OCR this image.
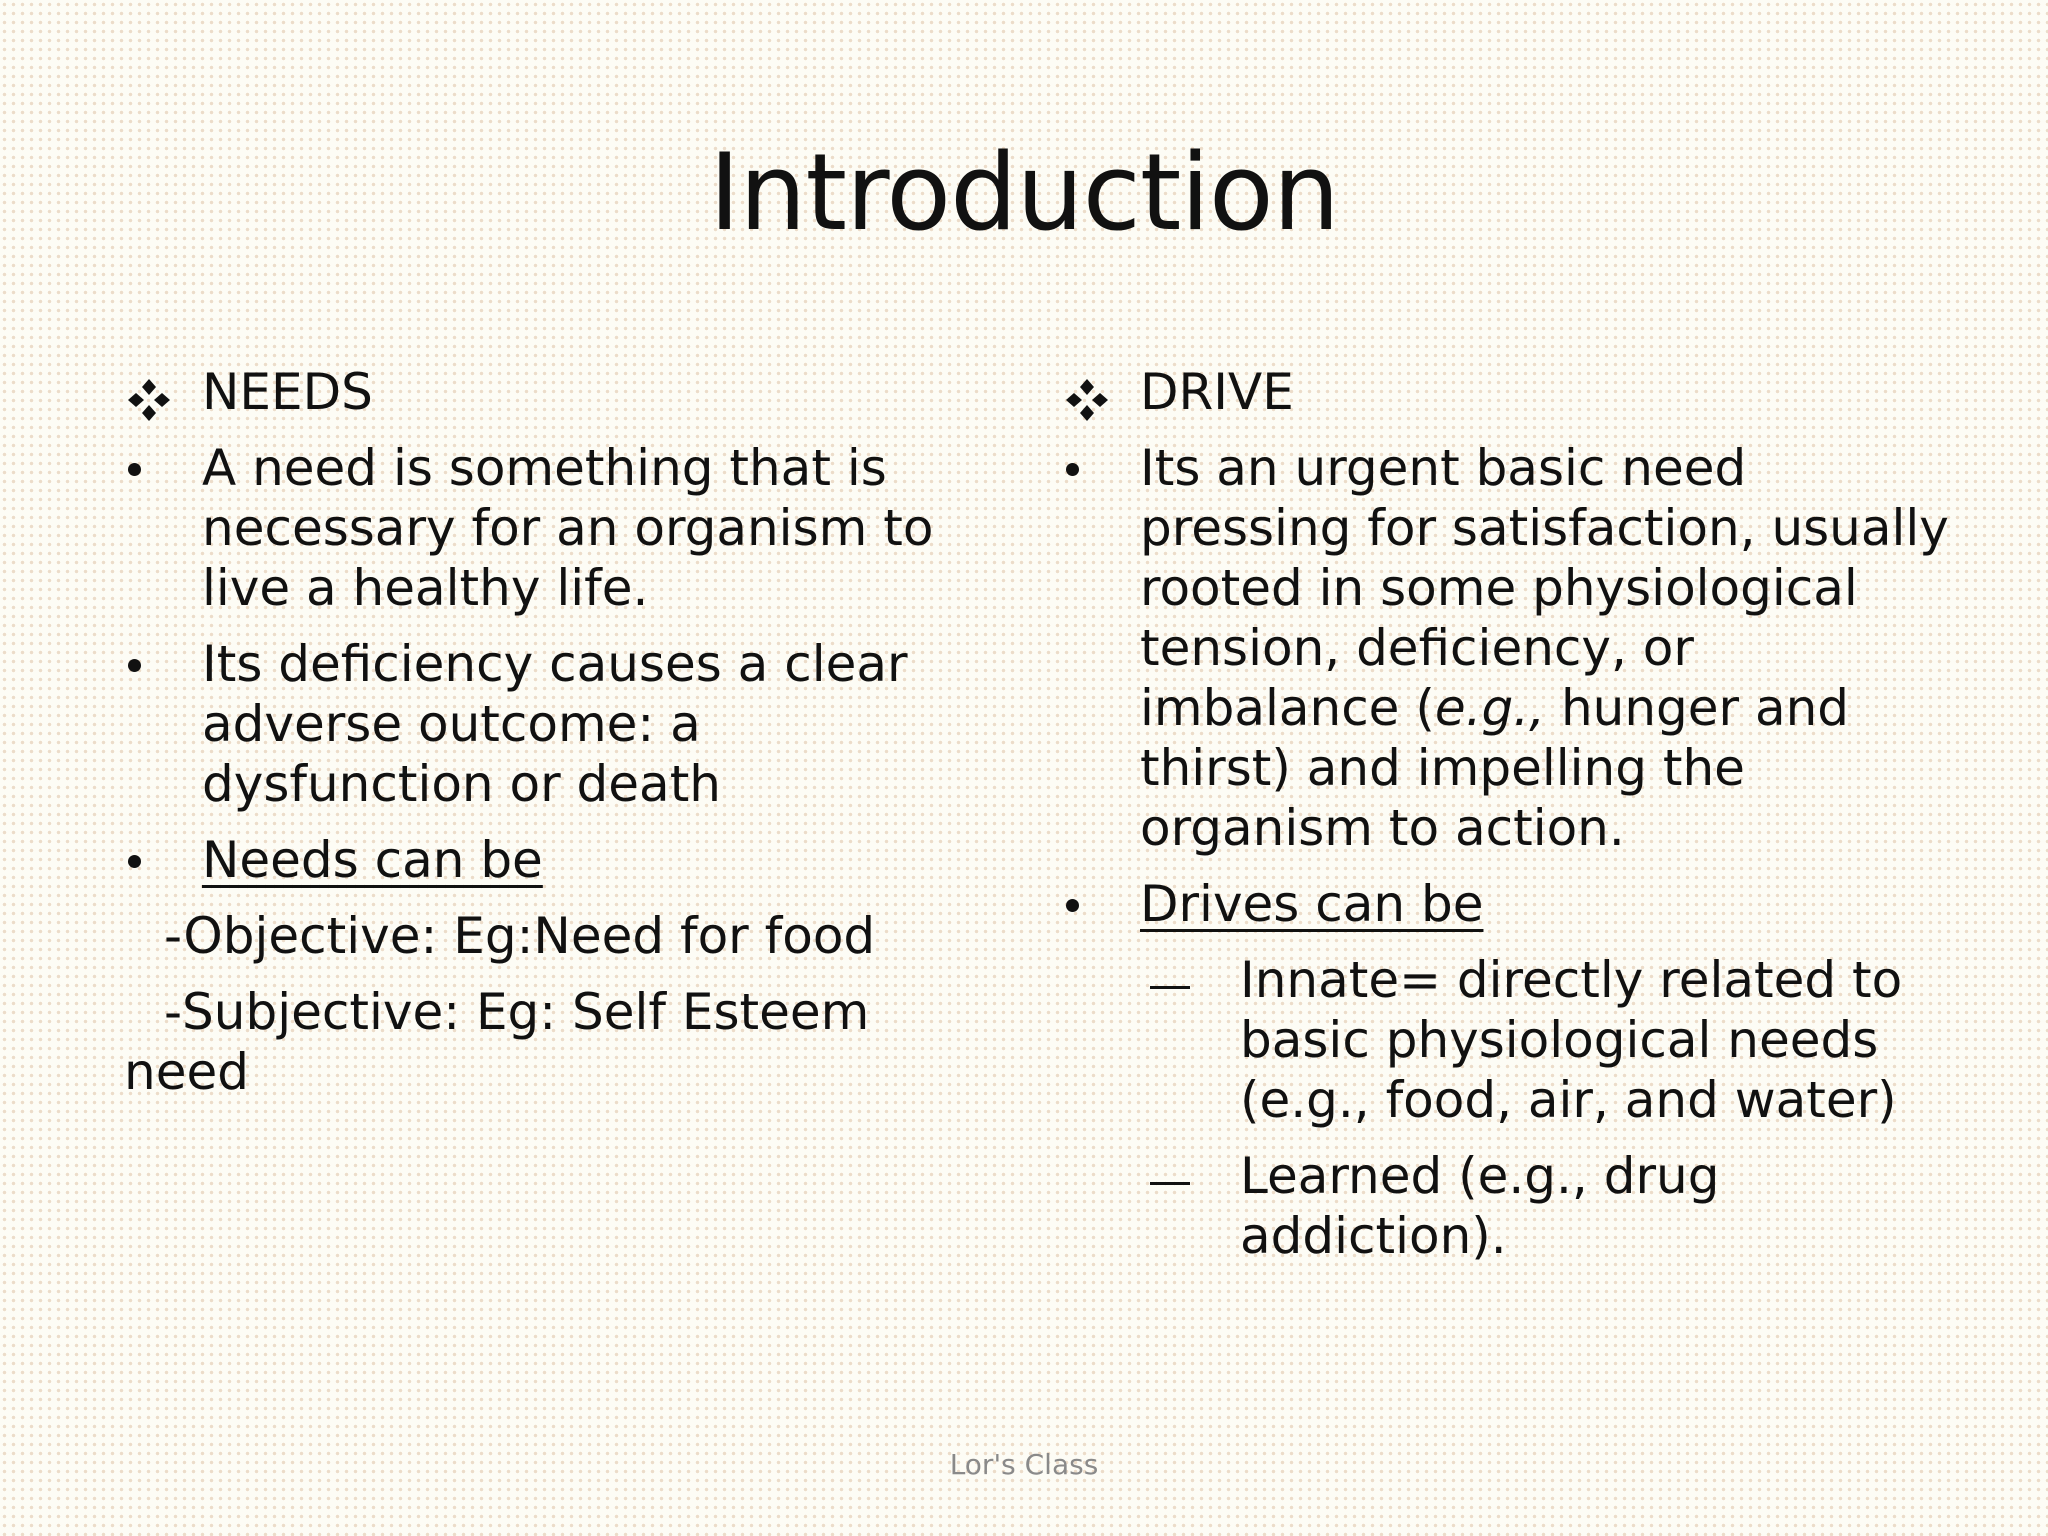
Introduction
NEEDS
A need is something that is necessary for an organism to live a healthy life.
Its deficiency causes a clear adverse outcome: a dysfunction or death
Needs can be
-Objective: Eg:Need for food
-Subjective: Eg: Self Esteem
need
DRIVE
Its an urgent basic need pressing for satisfaction, usually rooted in some physiological tension, deficiency, or imbalance (e.g., hunger and thirst) and impelling the organism to action.
Drives can be
Innate= directly related to basic physiological needs (e.g., food, air, and water)
Learned (e.g., drug addiction).
Lor's Class
